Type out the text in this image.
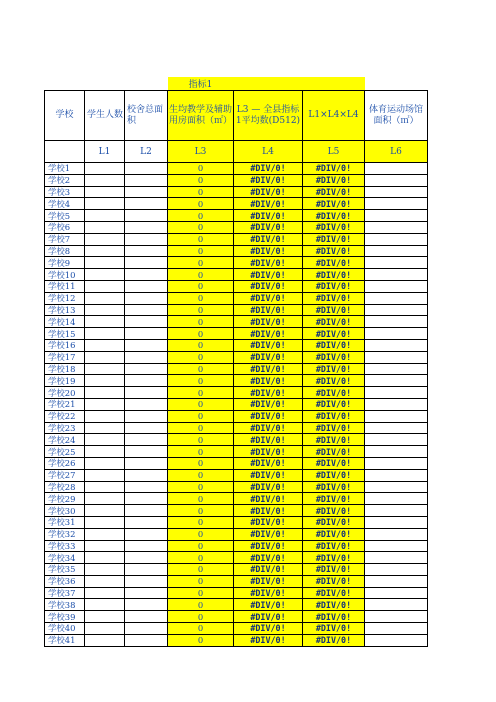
			指标1			
学校	学生人数	校舍总面积	生均教学及辅助用房面积（㎡）	L3 — 全县指标1平均数(D512)	L1×L4×L4	体育运动场馆面积（㎡）
	L1	L2	L3	L4	L5	L6
学校1			0	#DIV/0!	#DIV/0!	
学校2			0	#DIV/0!	#DIV/0!	
学校3			0	#DIV/0!	#DIV/0!	
学校4			0	#DIV/0!	#DIV/0!	
学校5			0	#DIV/0!	#DIV/0!	
学校6			0	#DIV/0!	#DIV/0!	
学校7			0	#DIV/0!	#DIV/0!	
学校8			0	#DIV/0!	#DIV/0!	
学校9			0	#DIV/0!	#DIV/0!	
学校10			0	#DIV/0!	#DIV/0!	
学校11			0	#DIV/0!	#DIV/0!	
学校12			0	#DIV/0!	#DIV/0!	
学校13			0	#DIV/0!	#DIV/0!	
学校14			0	#DIV/0!	#DIV/0!	
学校15			0	#DIV/0!	#DIV/0!	
学校16			0	#DIV/0!	#DIV/0!	
学校17			0	#DIV/0!	#DIV/0!	
学校18			0	#DIV/0!	#DIV/0!	
学校19			0	#DIV/0!	#DIV/0!	
学校20			0	#DIV/0!	#DIV/0!	
学校21			0	#DIV/0!	#DIV/0!	
学校22			0	#DIV/0!	#DIV/0!	
学校23			0	#DIV/0!	#DIV/0!	
学校24			0	#DIV/0!	#DIV/0!	
学校25			0	#DIV/0!	#DIV/0!	
学校26			0	#DIV/0!	#DIV/0!	
学校27			0	#DIV/0!	#DIV/0!	
学校28			0	#DIV/0!	#DIV/0!	
学校29			0	#DIV/0!	#DIV/0!	
学校30			0	#DIV/0!	#DIV/0!	
学校31			0	#DIV/0!	#DIV/0!	
学校32			0	#DIV/0!	#DIV/0!	
学校33			0	#DIV/0!	#DIV/0!	
学校34			0	#DIV/0!	#DIV/0!	
学校35			0	#DIV/0!	#DIV/0!	
学校36			0	#DIV/0!	#DIV/0!	
学校37			0	#DIV/0!	#DIV/0!	
学校38			0	#DIV/0!	#DIV/0!	
学校39			0	#DIV/0!	#DIV/0!	
学校40			0	#DIV/0!	#DIV/0!	
学校41			0	#DIV/0!	#DIV/0!	
